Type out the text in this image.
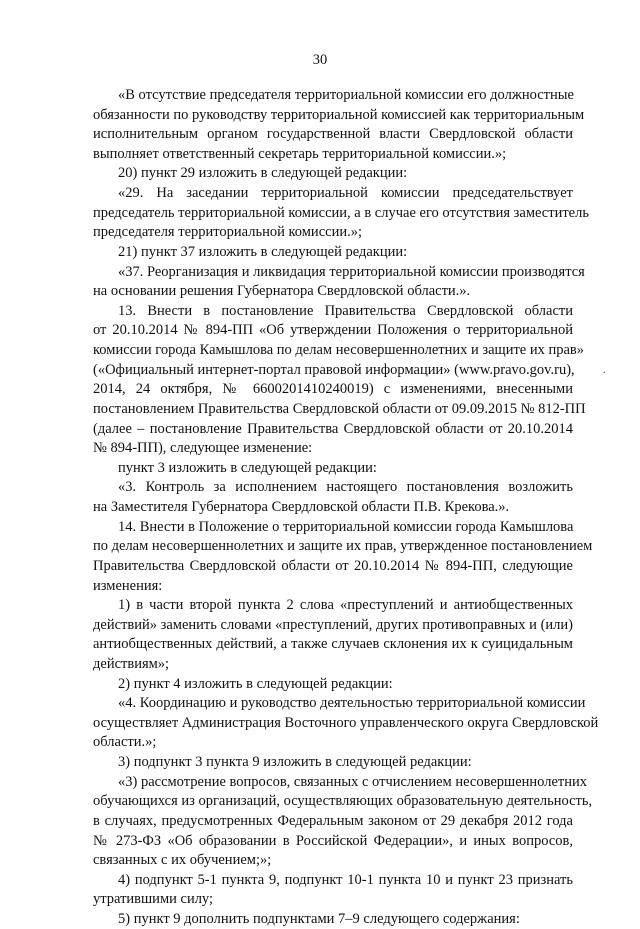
30
«В отсутствие председателя территориальной комиссии его должностные
обязанности по руководству территориальной комиссией как территориальным
исполнительным органом государственной власти Свердловской области
выполняет ответственный секретарь территориальной комиссии.»;
20) пункт 29 изложить в следующей редакции:
«29. На заседании территориальной комиссии председательствует
председатель территориальной комиссии, а в случае его отсутствия заместитель
председателя территориальной комиссии.»;
21) пункт 37 изложить в следующей редакции:
«37. Реорганизация и ликвидация территориальной комиссии производятся
на основании решения Губернатора Свердловской области.».
13. Внести в постановление Правительства Свердловской области
от 20.10.2014 № 894-ПП «Об утверждении Положения о территориальной
комиссии города Камышлова по делам несовершеннолетних и защите их прав»
(«Официальный интернет-портал правовой информации» (www.pravo.gov.ru),
2014, 24 октября, № 6600201410240019) с изменениями, внесенными
постановлением Правительства Свердловской области от 09.09.2015 № 812-ПП
(далее – постановление Правительства Свердловской области от 20.10.2014
№ 894-ПП), следующее изменение:
пункт 3 изложить в следующей редакции:
«3. Контроль за исполнением настоящего постановления возложить
на Заместителя Губернатора Свердловской области П.В. Крекова.».
14. Внести в Положение о территориальной комиссии города Камышлова
по делам несовершеннолетних и защите их прав, утвержденное постановлением
Правительства Свердловской области от 20.10.2014 № 894-ПП, следующие
изменения:
1) в части второй пункта 2 слова «преступлений и антиобщественных
действий» заменить словами «преступлений, других противоправных и (или)
антиобщественных действий, а также случаев склонения их к суицидальным
действиям»;
2) пункт 4 изложить в следующей редакции:
«4. Координацию и руководство деятельностью территориальной комиссии
осуществляет Администрация Восточного управленческого округа Свердловской
области.»;
3) подпункт 3 пункта 9 изложить в следующей редакции:
«3) рассмотрение вопросов, связанных с отчислением несовершеннолетних
обучающихся из организаций, осуществляющих образовательную деятельность,
в случаях, предусмотренных Федеральным законом от 29 декабря 2012 года
№ 273-ФЗ «Об образовании в Российской Федерации», и иных вопросов,
связанных с их обучением;»;
4) подпункт 5-1 пункта 9, подпункт 10-1 пункта 10 и пункт 23 признать
утратившими силу;
5) пункт 9 дополнить подпунктами 7–9 следующего содержания:
.
